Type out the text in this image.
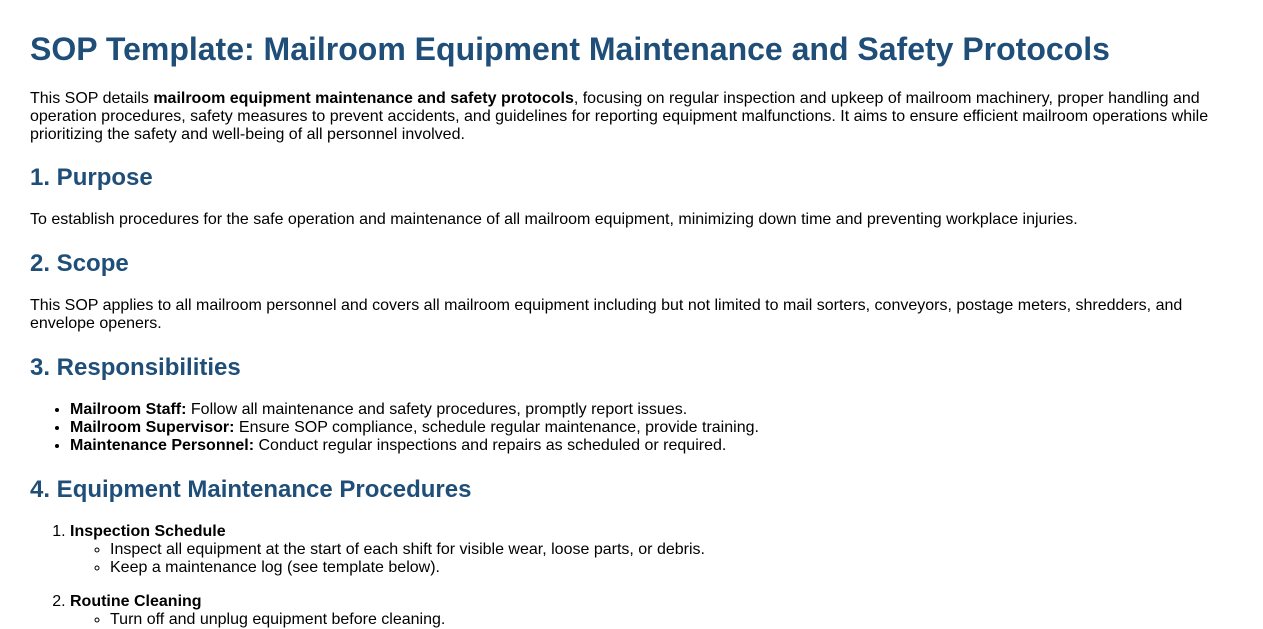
SOP Template: Mailroom Equipment Maintenance and Safety Protocols

This SOP details mailroom equipment maintenance and safety protocols, focusing on regular inspection and upkeep of mailroom machinery, proper handling and operation procedures, safety measures to prevent accidents, and guidelines for reporting equipment malfunctions. It aims to ensure efficient mailroom operations while prioritizing the safety and well-being of all personnel involved.

1. Purpose

To establish procedures for the safe operation and maintenance of all mailroom equipment, minimizing down time and preventing workplace injuries.

2. Scope

This SOP applies to all mailroom personnel and covers all mailroom equipment including but not limited to mail sorters, conveyors, postage meters, shredders, and envelope openers.

3. Responsibilities
• Mailroom Staff: Follow all maintenance and safety procedures, promptly report issues.
• Mailroom Supervisor: Ensure SOP compliance, schedule regular maintenance, provide training.
• Maintenance Personnel: Conduct regular inspections and repairs as scheduled or required.
4. Equipment Maintenance Procedures
1. Inspection Schedule
◦ Inspect all equipment at the start of each shift for visible wear, loose parts, or debris.
◦ Keep a maintenance log (see template below).
2. Routine Cleaning
◦ Turn off and unplug equipment before cleaning.
